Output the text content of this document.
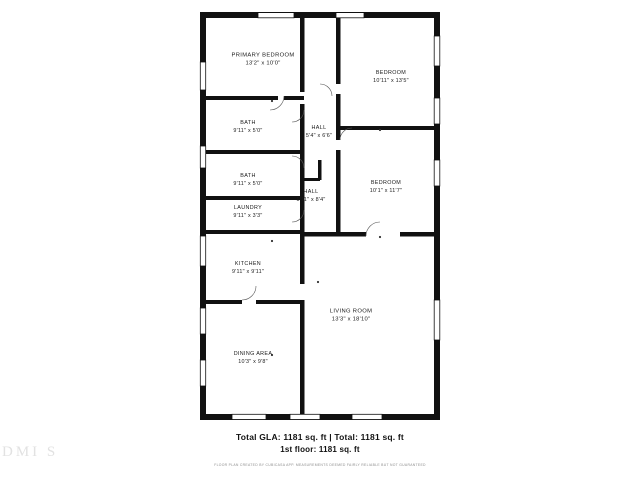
PRIMARY BEDROOM
13'2" x 10'0"
BEDROOM
10'11" x 13'5"
BATH
9'11" x 5'0"	HALL
5'4" x 6'6"
BATH
9'11" x 5'0"	BEDROOM
10'1" x 11'7"
HALL
1'11" x 8'4"
LAUNDRY
9'11" x 3'3"
KITCHEN
9'11" x 9'11"
LIVING ROOM
13'3" x 18'10"
DINING AREA
10'3" x 9'8"
DMI S
Total GLA: 1181 sq. ft | Total: 1181 sq. ft
1st floor: 1181 sq. ft
FLOOR PLAN CREATED BY CUBICASA APP. MEASUREMENTS DEEMED FAIRLY RELIABLE BUT NOT GUARANTEED
